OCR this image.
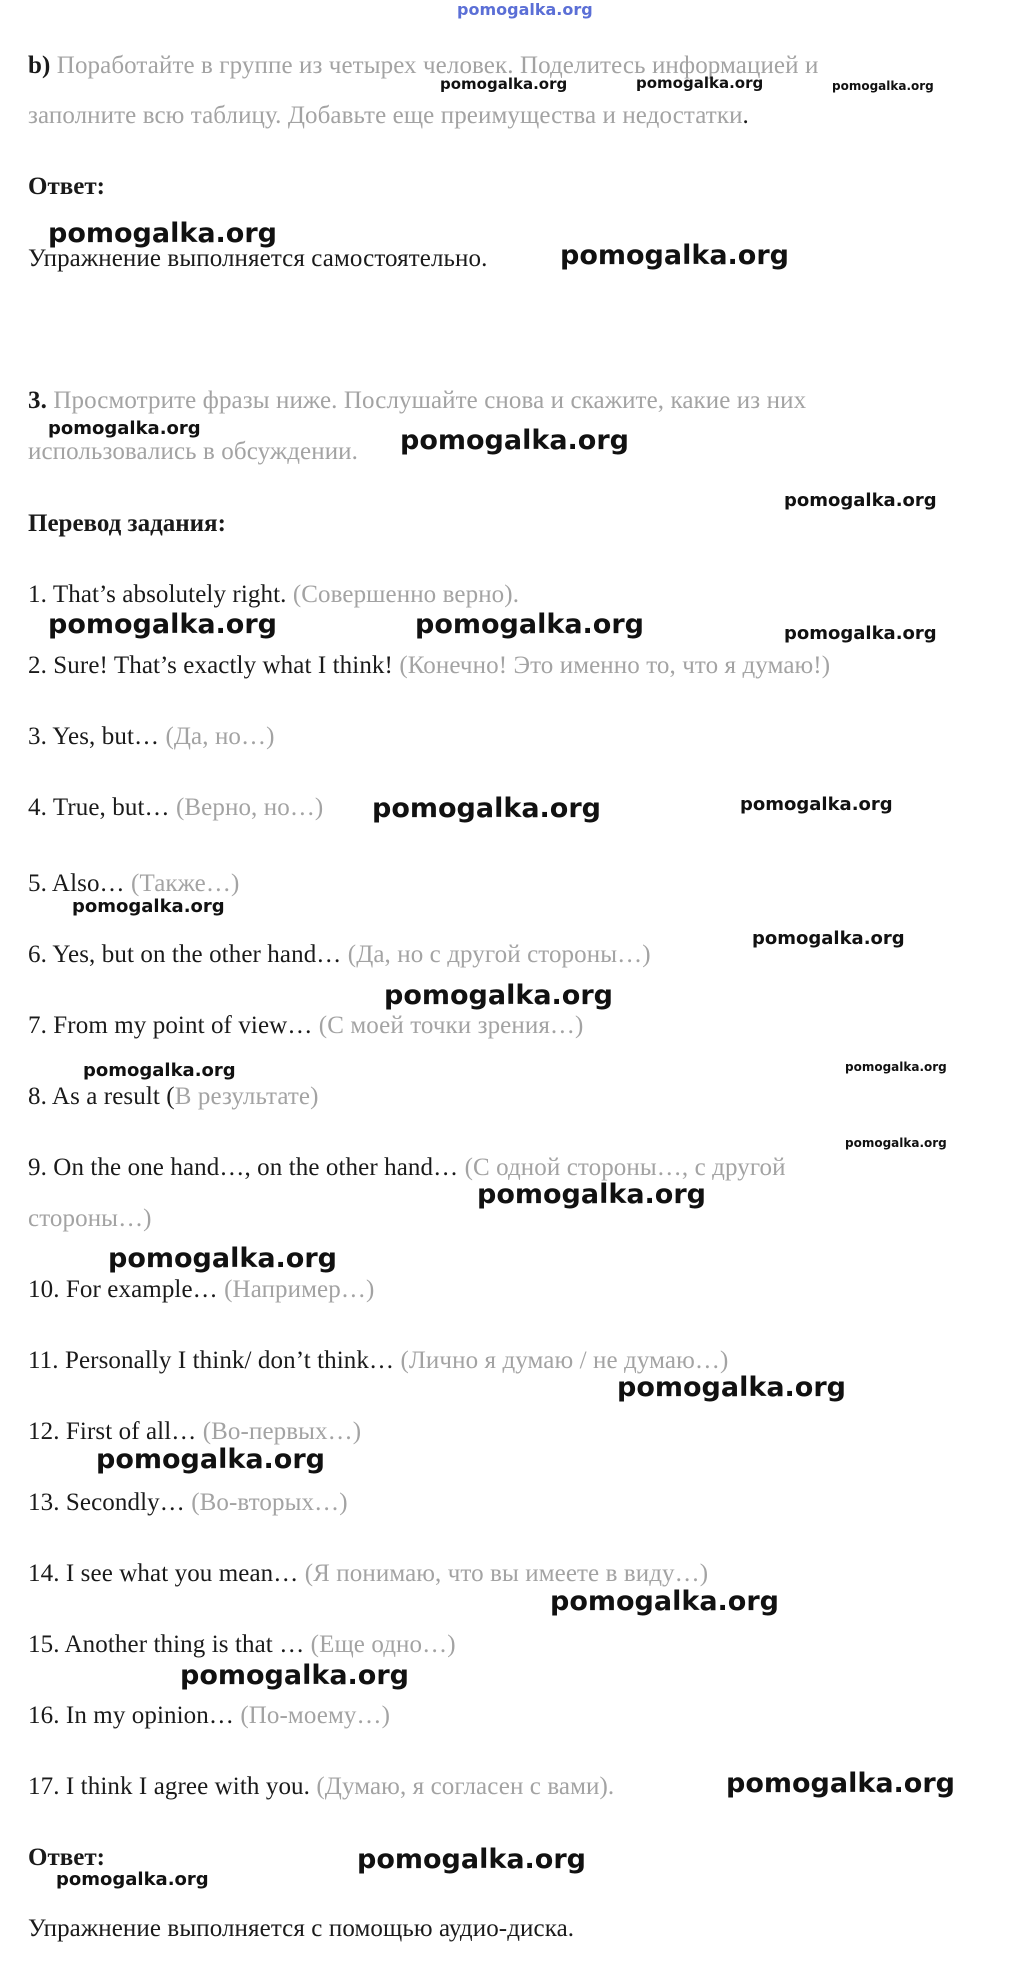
pomogalka.org
b) Поработайте в группе из четырех человек. Поделитесь информацией и
заполните всю таблицу. Добавьте еще преимущества и недостатки.
Ответ:
Упражнение выполняется самостоятельно.
3. Просмотрите фразы ниже. Послушайте снова и скажите, какие из них
использовались в обсуждении.
Перевод задания:
1. That’s absolutely right. (Совершенно верно).
2. Sure! That’s exactly what I think! (Конечно! Это именно то, что я думаю!)
3. Yes, but… (Да, но…)
4. True, but… (Верно, но…)
5. Also… (Также…)
6. Yes, but on the other hand… (Да, но с другой стороны…)
7. From my point of view… (С моей точки зрения…)
8. As a result (В результате)
9. On the one hand…, on the other hand… (С одной стороны…, с другой
стороны…)
10. For example… (Например…)
11. Personally I think/ don’t think… (Лично я думаю / не думаю…)
12. First of all… (Во-первых…)
13. Secondly… (Во-вторых…)
14. I see what you mean… (Я понимаю, что вы имеете в виду…)
15. Another thing is that … (Еще одно…)
16. In my opinion… (По-моему…)
17. I think I agree with you. (Думаю, я согласен с вами).
Ответ:
Упражнение выполняется с помощью аудио-диска.
pomogalka.org	pomogalka.org	pomogalka.org
pomogalka.org
pomogalka.org
pomogalka.org	pomogalka.org
pomogalka.org
pomogalka.org	pomogalka.org	pomogalka.org
pomogalka.org	pomogalka.org
pomogalka.org
pomogalka.org
pomogalka.org
pomogalka.org	pomogalka.org
pomogalka.org
pomogalka.org
pomogalka.org
pomogalka.org
pomogalka.org
pomogalka.org
pomogalka.org
pomogalka.org
pomogalka.org
pomogalka.org
